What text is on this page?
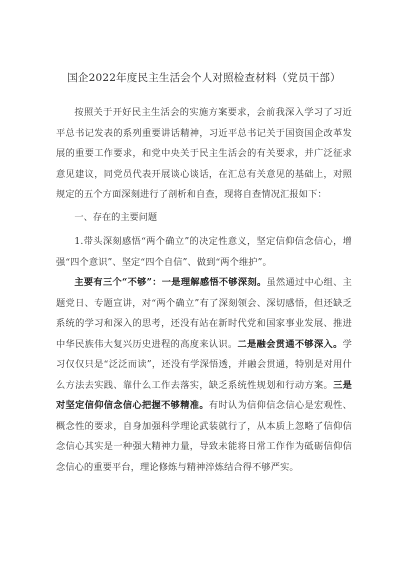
国企2022年度民主生活会个人对照检查材料（党员干部）

按照关于开好民主生活会的实施方案要求，会前我深入学习了习近平总书记发表的系列重要讲话精神，习近平总书记关于国资国企改革发展的重要工作要求，和党中央关于民主生活会的有关要求，并广泛征求意见建议，同党员代表开展谈心谈话，在汇总有关意见的基础上，对照规定的五个方面深刻进行了剖析和自查，现将自查情况汇报如下：

一、存在的主要问题

1.带头深刻感悟“两个确立”的决定性意义，坚定信仰信念信心，增强“四个意识”、坚定“四个自信”、做到“两个维护”。

主要有三个“不够”：一是理解感悟不够深刻。虽然通过中心组、主题党日、专题宣讲，对“两个确立”有了深刻领会、深切感悟，但还缺乏系统的学习和深入的思考，还没有站在新时代党和国家事业发展、推进中华民族伟大复兴历史进程的高度来认识。二是融会贯通不够深入。学习仅仅只是“泛泛而读”，还没有学深悟透，并融会贯通，特别是对用什么方法去实践、靠什么工作去落实，缺乏系统性规划和行动方案。三是对坚定信仰信念信心把握不够精准。有时认为信仰信念信心是宏观性、概念性的要求，自身加强科学理论武装就行了，从本质上忽略了信仰信念信心其实是一种强大精神力量，导致未能将日常工作作为砥砺信仰信念信心的重要平台，理论修炼与精神淬炼结合得不够严实。
